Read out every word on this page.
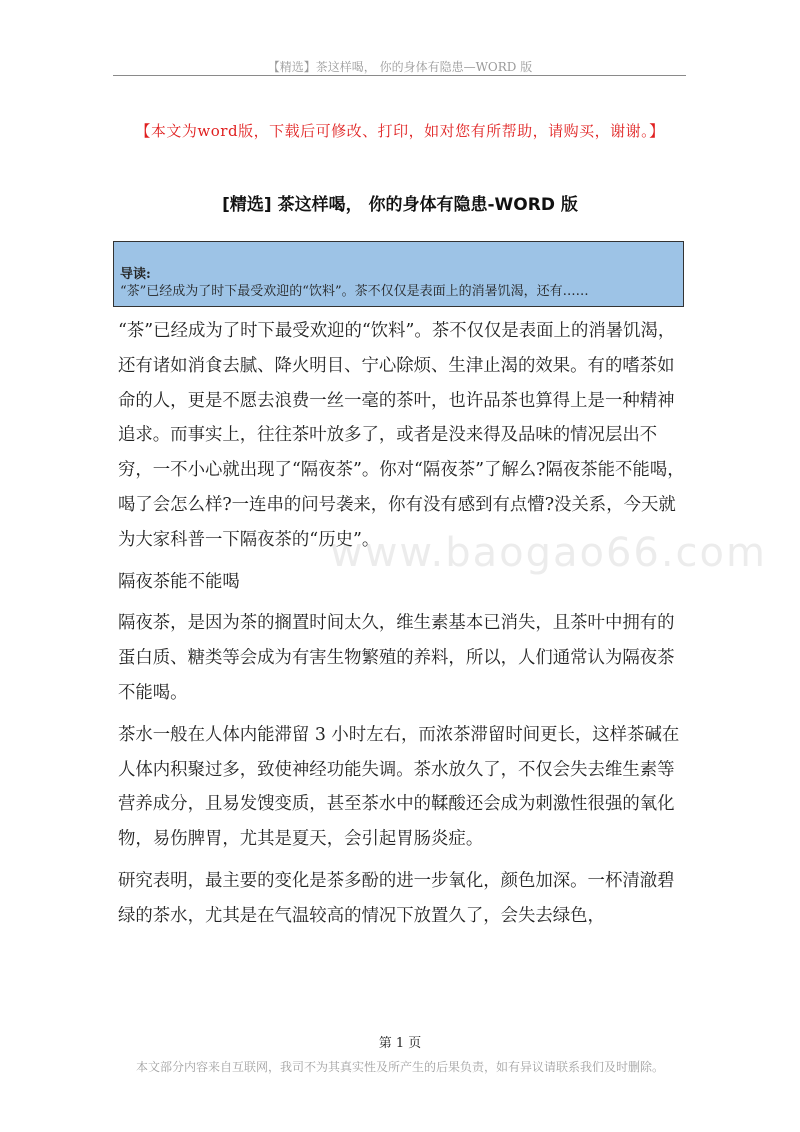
【精选】茶这样喝， 你的身体有隐患—WORD 版
【本文为word版，下载后可修改、打印，如对您有所帮助，请购买，谢谢。】
[精选] 茶这样喝， 你的身体有隐患-WORD 版
导读:
“茶”已经成为了时下最受欢迎的“饮料”。茶不仅仅是表面上的消暑饥渴，还有……

“茶”已经成为了时下最受欢迎的“饮料”。茶不仅仅是表面上的消暑饥渴，还有诸如消食去腻、降火明目、宁心除烦、生津止渴的效果。有的嗜茶如命的人，更是不愿去浪费一丝一毫的茶叶，也许品茶也算得上是一种精神追求。而事实上，往往茶叶放多了，或者是没来得及品味的情况层出不穷，一不小心就出现了“隔夜茶”。你对“隔夜茶”了解么?隔夜茶能不能喝，喝了会怎么样?一连串的问号袭来，你有没有感到有点懵?没关系，今天就为大家科普一下隔夜茶的“历史”。

隔夜茶能不能喝

隔夜茶，是因为茶的搁置时间太久，维生素基本已消失，且茶叶中拥有的蛋白质、糖类等会成为有害生物繁殖的养料，所以，人们通常认为隔夜茶不能喝。

茶水一般在人体内能滞留 3 小时左右，而浓茶滞留时间更长，这样茶碱在人体内积聚过多，致使神经功能失调。茶水放久了，不仅会失去维生素等营养成分，且易发馊变质，甚至茶水中的鞣酸还会成为刺激性很强的氧化物，易伤脾胃，尤其是夏天，会引起胃肠炎症。

研究表明，最主要的变化是茶多酚的进一步氧化，颜色加深。一杯清澈碧绿的茶水，尤其是在气温较高的情况下放置久了，会失去绿色，

www.baogao66.com
第 1 页
本文部分内容来自互联网，我司不为其真实性及所产生的后果负责，如有异议请联系我们及时删除。
